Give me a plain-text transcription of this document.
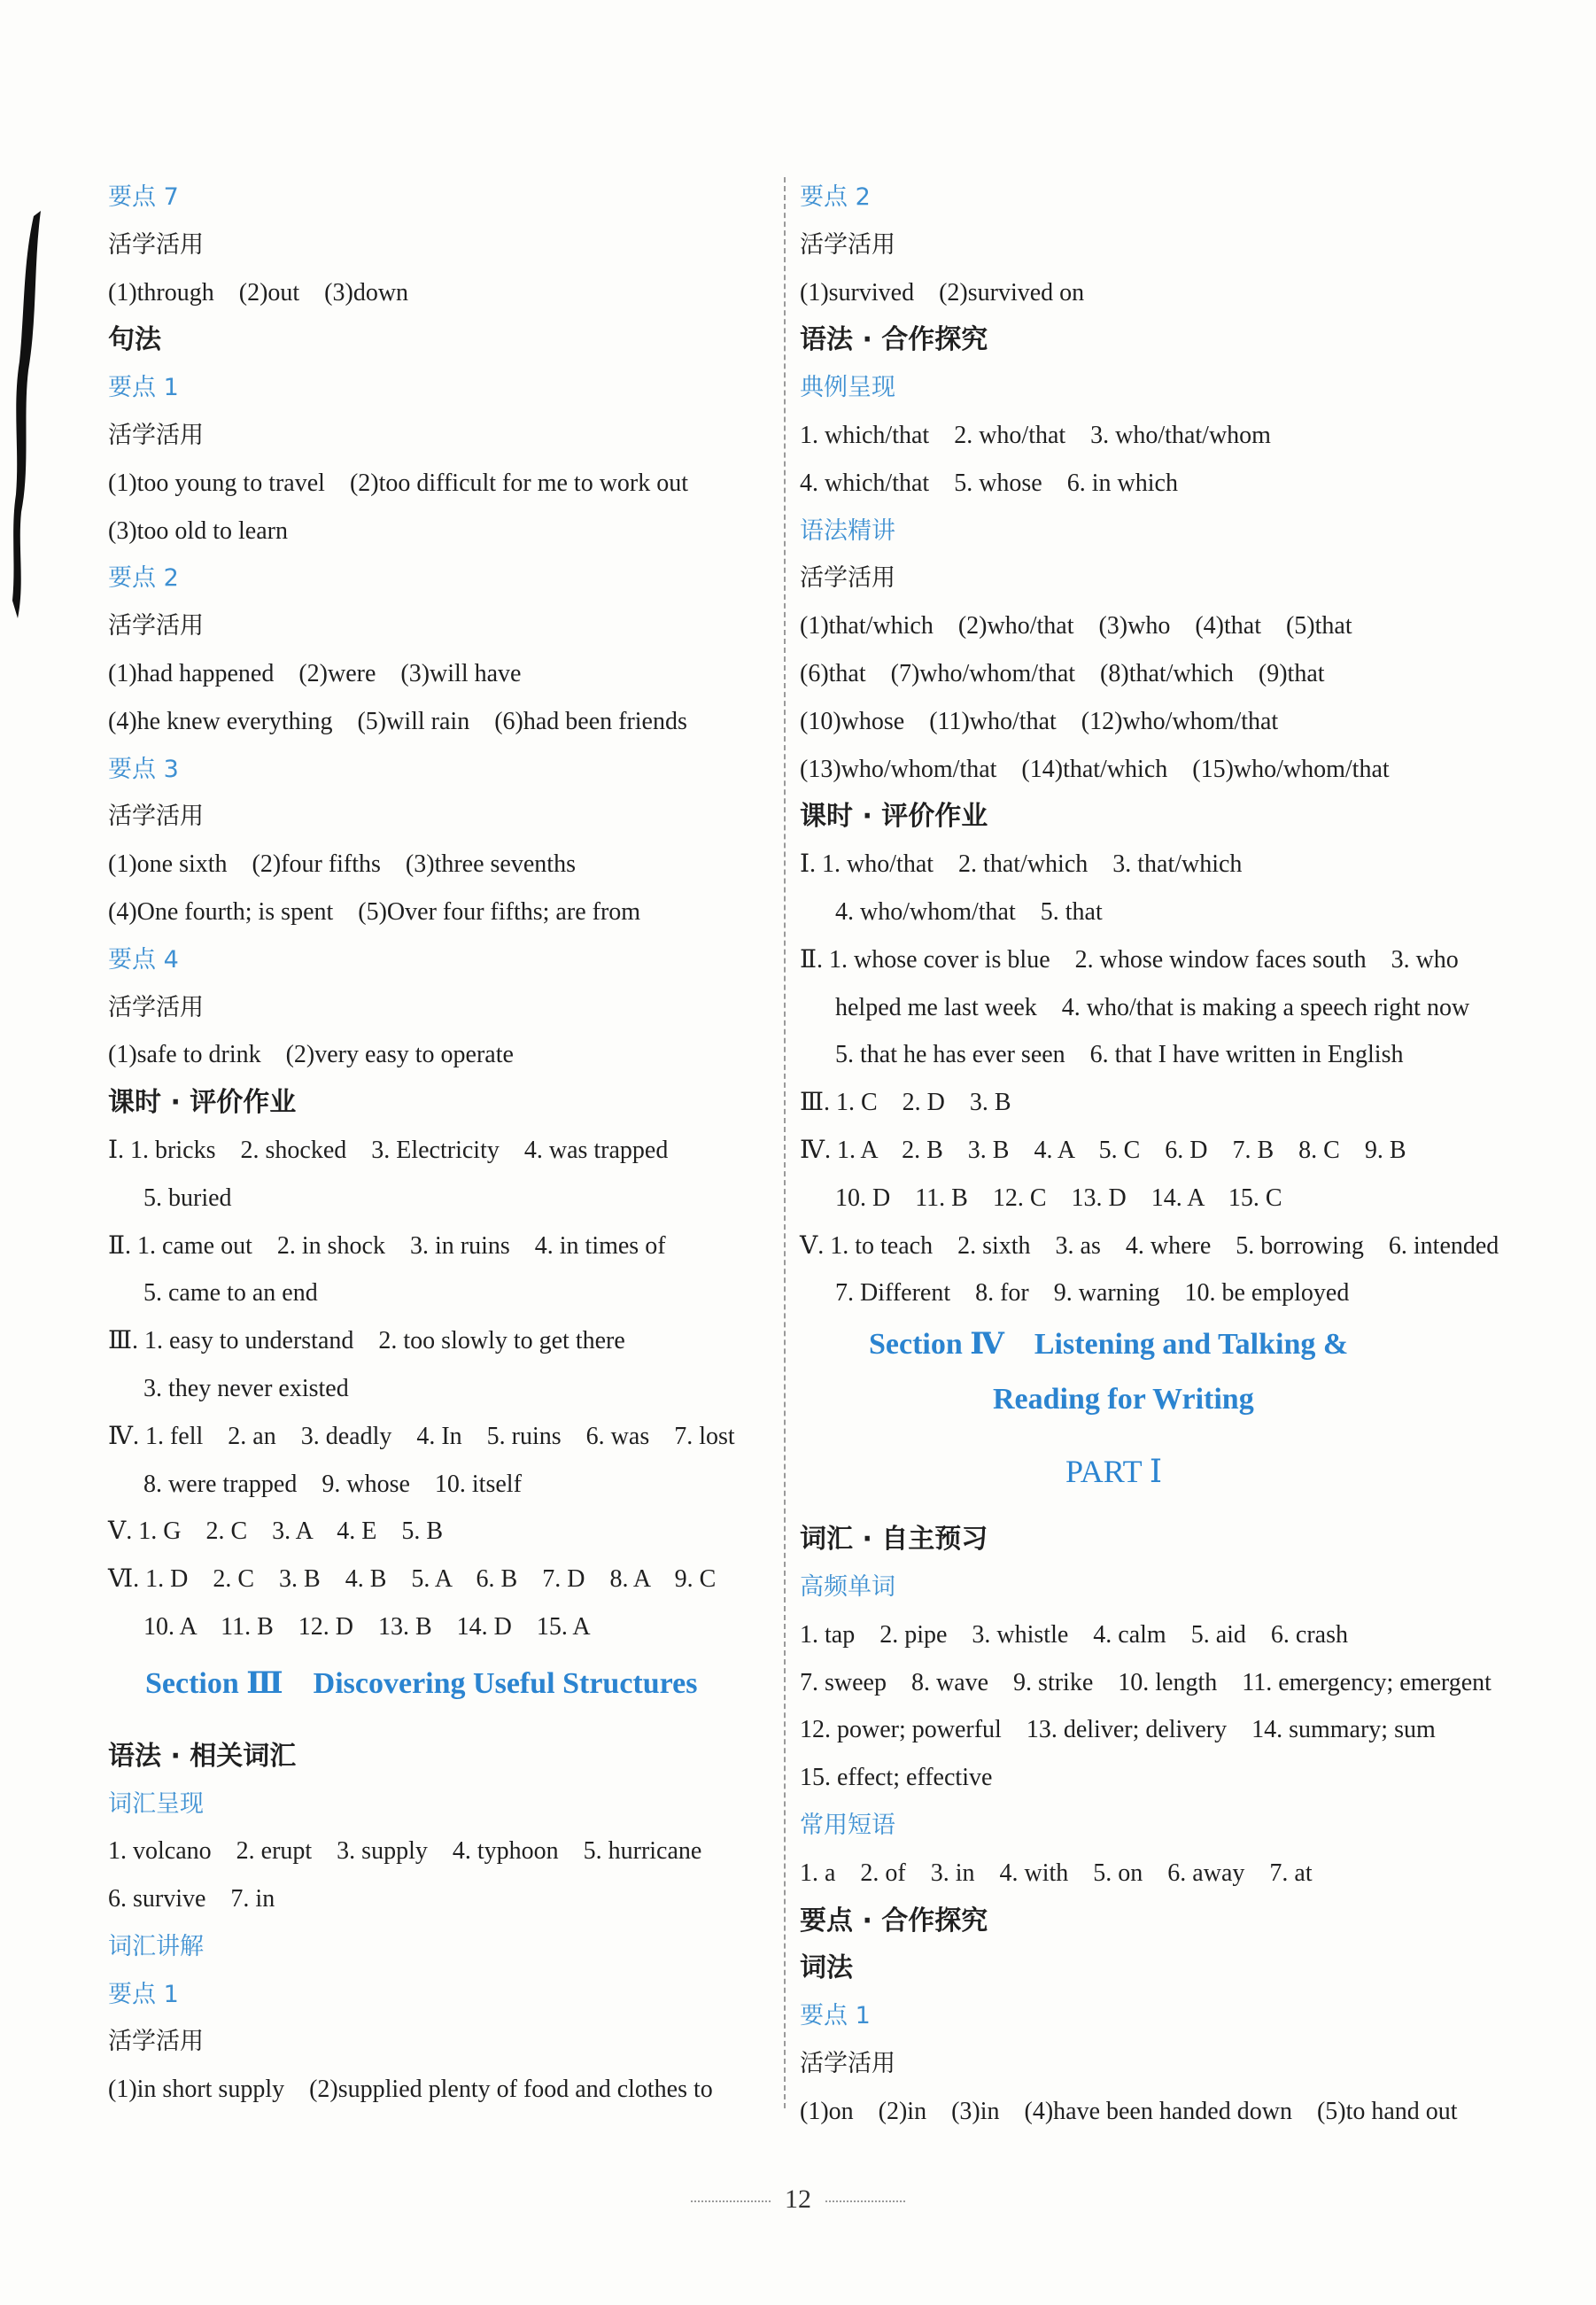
要点 7
活学活用
(1)through　(2)out　(3)down
句法
要点 1
活学活用
(1)too young to travel　(2)too difficult for me to work out
(3)too old to learn
要点 2
活学活用
(1)had happened　(2)were　(3)will have
(4)he knew everything　(5)will rain　(6)had been friends
要点 3
活学活用
(1)one sixth　(2)four fifths　(3)three sevenths
(4)One fourth; is spent　(5)Over four fifths; are from
要点 4
活学活用
(1)safe to drink　(2)very easy to operate
课时 · 评价作业
Ⅰ. 1. bricks　2. shocked　3. Electricity　4. was trapped
5. buried
Ⅱ. 1. came out　2. in shock　3. in ruins　4. in times of
5. came to an end
Ⅲ. 1. easy to understand　2. too slowly to get there
3. they never existed
Ⅳ. 1. fell　2. an　3. deadly　4. In　5. ruins　6. was　7. lost
8. were trapped　9. whose　10. itself
Ⅴ. 1. G　2. C　3. A　4. E　5. B
Ⅵ. 1. D　2. C　3. B　4. B　5. A　6. B　7. D　8. A　9. C
10. A　11. B　12. D　13. B　14. D　15. A
Section Ⅲ　Discovering Useful Structures
语法 · 相关词汇
词汇呈现
1. volcano　2. erupt　3. supply　4. typhoon　5. hurricane
6. survive　7. in
词汇讲解
要点 1
活学活用
(1)in short supply　(2)supplied plenty of food and clothes to
要点 2
活学活用
(1)survived　(2)survived on
语法 · 合作探究
典例呈现
1. which/that　2. who/that　3. who/that/whom
4. which/that　5. whose　6. in which
语法精讲
活学活用
(1)that/which　(2)who/that　(3)who　(4)that　(5)that
(6)that　(7)who/whom/that　(8)that/which　(9)that
(10)whose　(11)who/that　(12)who/whom/that
(13)who/whom/that　(14)that/which　(15)who/whom/that
课时 · 评价作业
Ⅰ. 1. who/that　2. that/which　3. that/which
4. who/whom/that　5. that
Ⅱ. 1. whose cover is blue　2. whose window faces south　3. who
helped me last week　4. who/that is making a speech right now
5. that he has ever seen　6. that I have written in English
Ⅲ. 1. C　2. D　3. B
Ⅳ. 1. A　2. B　3. B　4. A　5. C　6. D　7. B　8. C　9. B
10. D　11. B　12. C　13. D　14. A　15. C
Ⅴ. 1. to teach　2. sixth　3. as　4. where　5. borrowing　6. intended
7. Different　8. for　9. warning　10. be employed
Section Ⅳ　Listening and Talking &
Reading for Writing
PART Ⅰ
词汇 · 自主预习
高频单词
1. tap　2. pipe　3. whistle　4. calm　5. aid　6. crash
7. sweep　8. wave　9. strike　10. length　11. emergency; emergent
12. power; powerful　13. deliver; delivery　14. summary; sum
15. effect; effective
常用短语
1. a　2. of　3. in　4. with　5. on　6. away　7. at
要点 · 合作探究
词法
要点 1
活学活用
(1)on　(2)in　(3)in　(4)have been handed down　(5)to hand out
12
